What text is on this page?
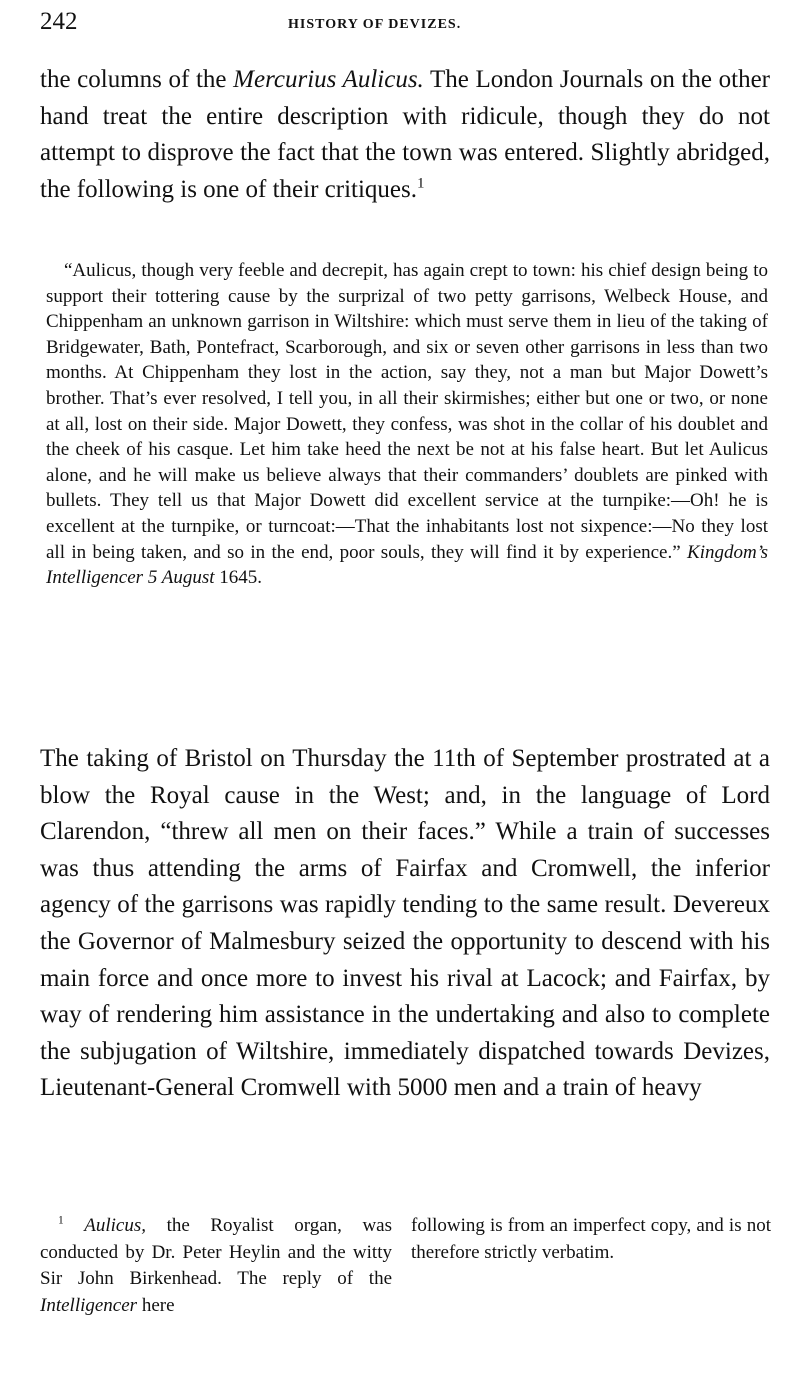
242	HISTORY OF DEVIZES.
the columns of the Mercurius Aulicus. The London Journals on the other hand treat the entire description with ridicule, though they do not attempt to disprove the fact that the town was entered. Slightly abridged, the following is one of their critiques.$^1$
“Aulicus, though very feeble and decrepit, has again crept to town: his chief design being to support their tottering cause by the surprizal of two petty garrisons, Welbeck House, and Chippenham an unknown garrison in Wiltshire: which must serve them in lieu of the taking of Bridgewater, Bath, Pontefract, Scarborough, and six or seven other garrisons in less than two months. At Chippenham they lost in the action, say they, not a man but Major Dowett’s brother. That’s ever resolved, I tell you, in all their skirmishes; either but one or two, or none at all, lost on their side. Major Dowett, they confess, was shot in the collar of his doublet and the cheek of his casque. Let him take heed the next be not at his false heart. But let Aulicus alone, and he will make us believe always that their commanders’ doublets are pinked with bullets. They tell us that Major Dowett did excellent service at the turnpike:—Oh! he is excellent at the turnpike, or turncoat:—That the inhabitants lost not sixpence:—No they lost all in being taken, and so in the end, poor souls, they will find it by experience.” Kingdom’s Intelligencer 5 August 1645.
The taking of Bristol on Thursday the 11th of September prostrated at a blow the Royal cause in the West; and, in the language of Lord Clarendon, “threw all men on their faces.” While a train of successes was thus attending the arms of Fairfax and Cromwell, the inferior agency of the garrisons was rapidly tending to the same result. Devereux the Governor of Malmesbury seized the opportunity to descend with his main force and once more to invest his rival at Lacock; and Fairfax, by way of rendering him assistance in the undertaking and also to complete the subjugation of Wiltshire, immediately dispatched towards Devizes, Lieutenant-General Cromwell with 5000 men and a train of heavy
$^1$ Aulicus, the Royalist organ, was conducted by Dr. Peter Heylin and the witty Sir John Birkenhead. The reply of the Intelligencer here
following is from an imperfect copy, and is not therefore strictly verbatim.
